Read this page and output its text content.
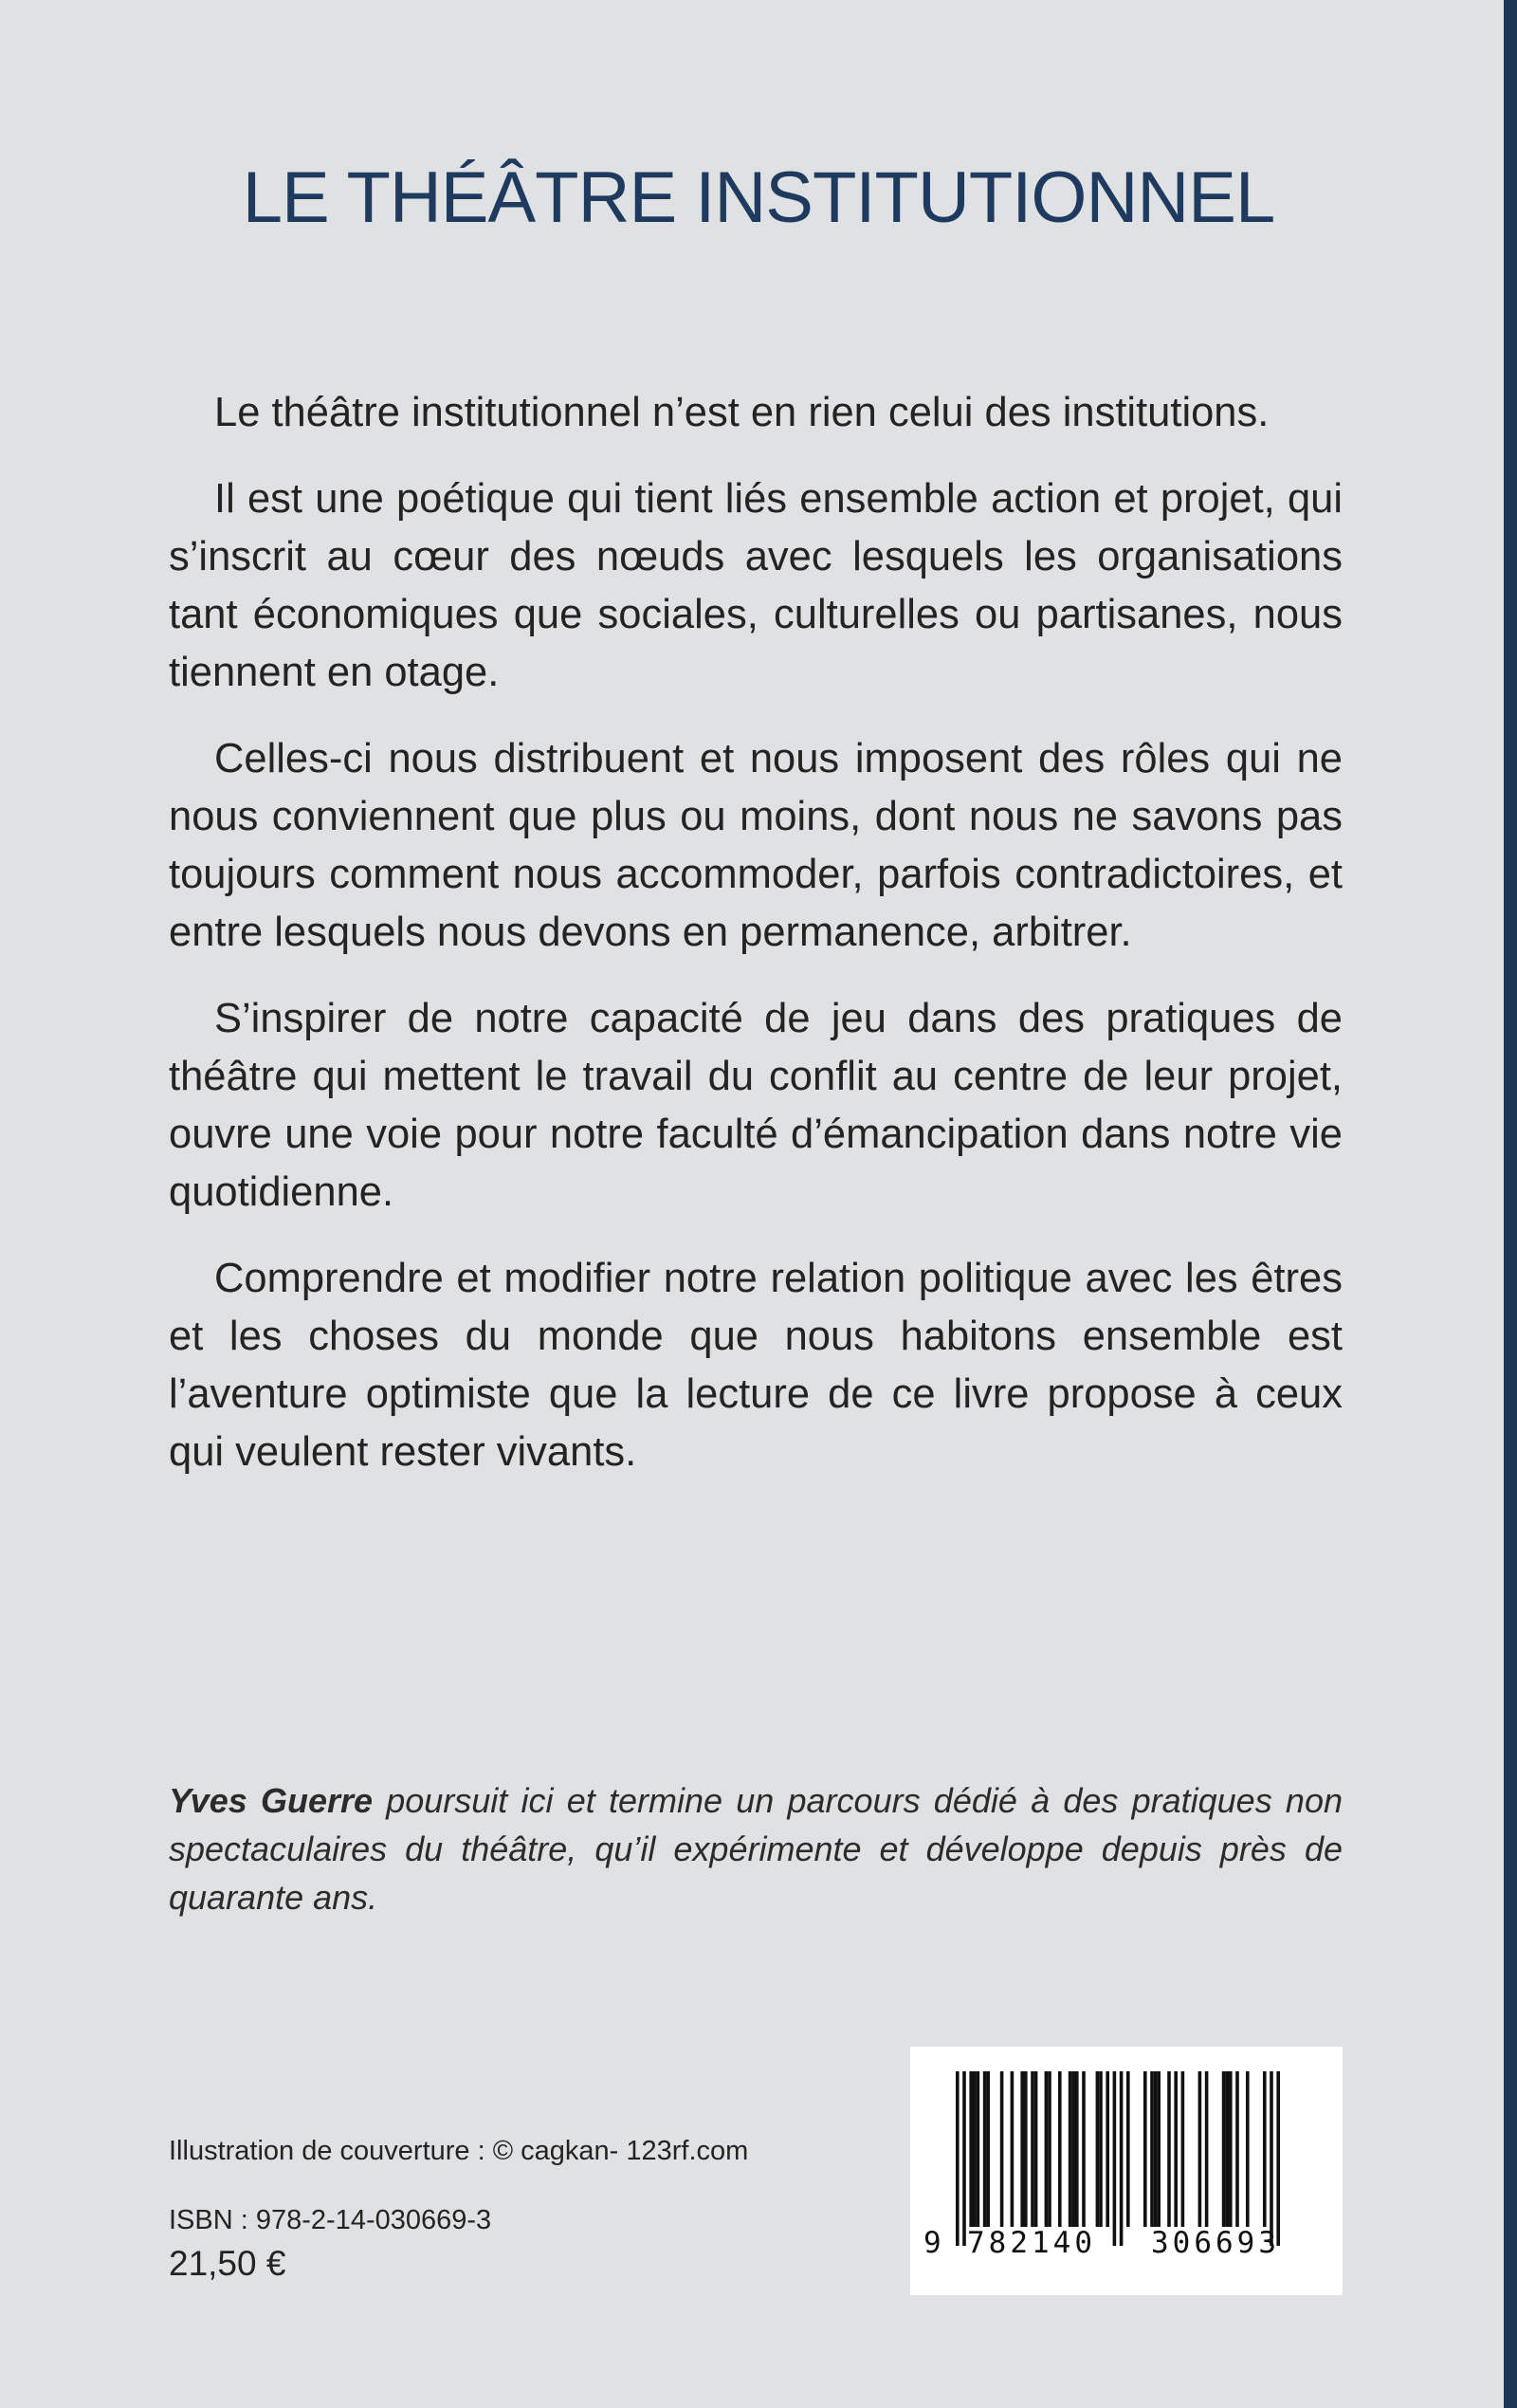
LE THÉÂTRE INSTITUTIONNEL

Le théâtre institutionnel n’est en rien celui des institutions.

Il est une poétique qui tient liés ensemble action et projet, qui s’inscrit au cœur des nœuds avec lesquels les organisations tant économiques que sociales, culturelles ou partisanes, nous tiennent en otage.

Celles-ci nous distribuent et nous imposent des rôles qui ne nous conviennent que plus ou moins, dont nous ne savons pas toujours comment nous accommoder, parfois contradictoires, et entre lesquels nous devons en permanence, arbitrer.

S’inspirer de notre capacité de jeu dans des pratiques de théâtre qui mettent le travail du conflit au centre de leur projet, ouvre une voie pour notre faculté d’émancipation dans notre vie quotidienne.

Comprendre et modifier notre relation politique avec les êtres et les choses du monde que nous habitons ensemble est l’aventure optimiste que la lecture de ce livre propose à ceux qui veulent rester vivants.

Yves Guerre poursuit ici et termine un parcours dédié à des pratiques non spectaculaires du théâtre, qu’il expérimente et développe depuis près de quarante ans.

Illustration de couverture : © cagkan- 123rf.com

ISBN : 978-2-14-030669-3

21,50 €

9 782140 306693
